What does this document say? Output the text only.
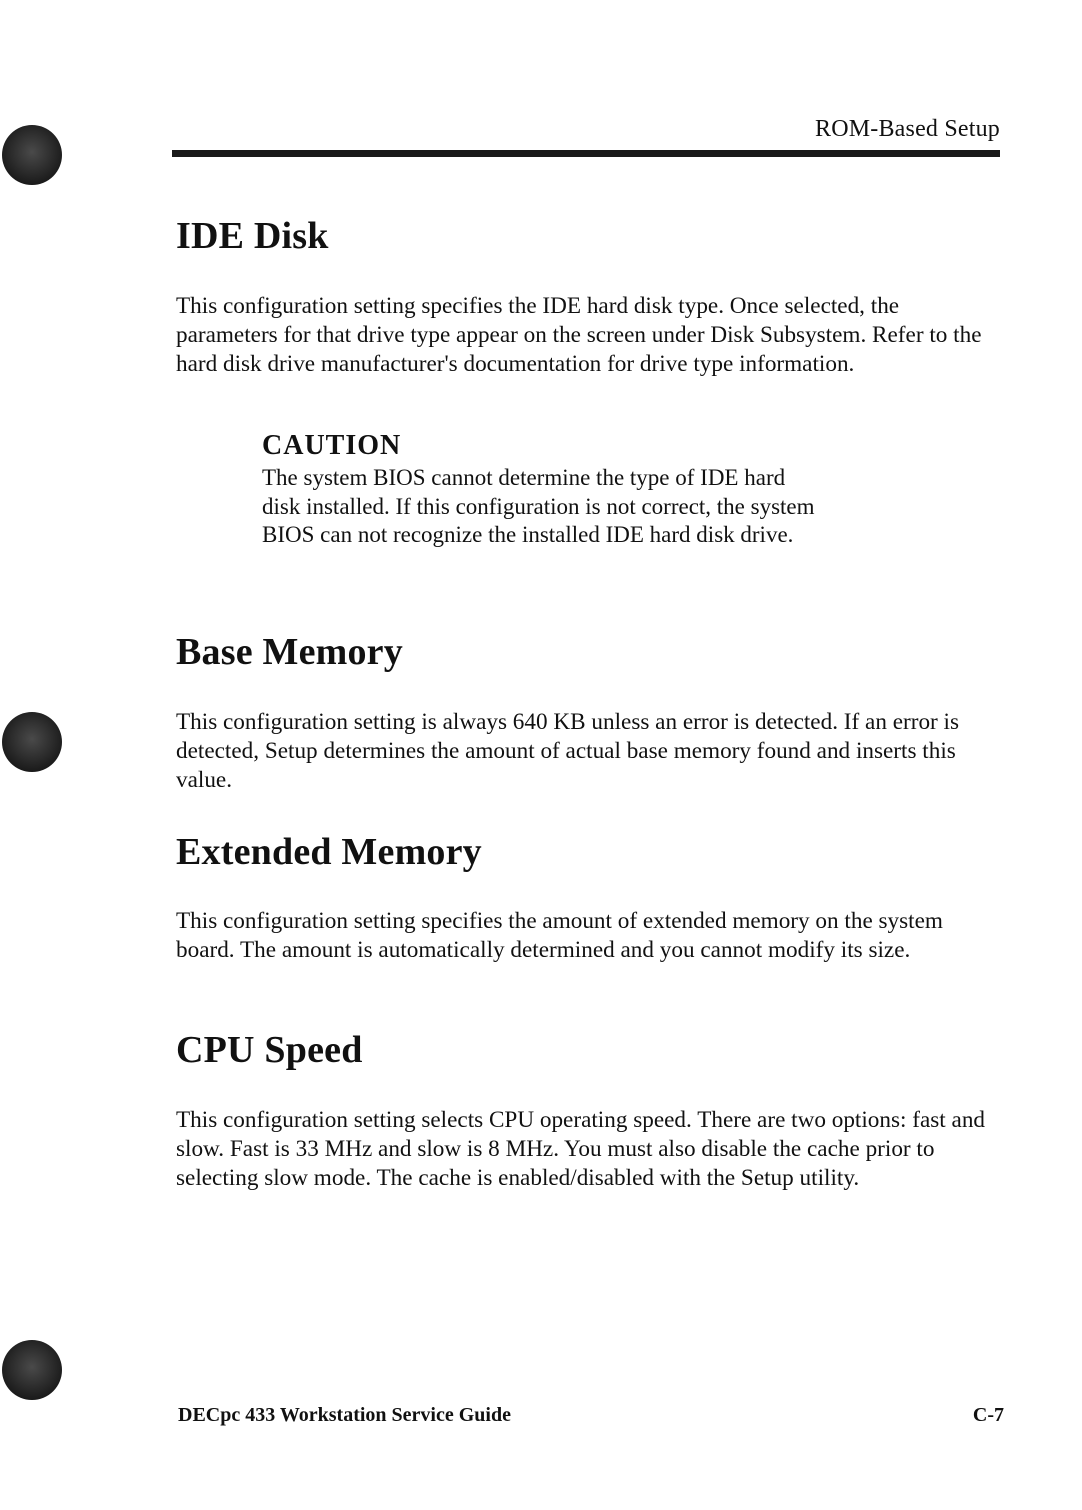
ROM-Based Setup
IDE Disk

This configuration setting specifies the IDE hard disk type. Once selected, the parameters for that drive type appear on the screen under Disk Subsystem. Refer to the hard disk drive manufacturer's documentation for drive type information.

CAUTION

The system BIOS cannot determine the type of IDE hard disk installed. If this configuration is not correct, the system BIOS can not recognize the installed IDE hard disk drive.

Base Memory

This configuration setting is always 640 KB unless an error is detected. If an error is detected, Setup determines the amount of actual base memory found and inserts this value.

Extended Memory

This configuration setting specifies the amount of extended memory on the system board. The amount is automatically determined and you cannot modify its size.

CPU Speed

This configuration setting selects CPU operating speed. There are two options: fast and slow. Fast is 33 MHz and slow is 8 MHz. You must also disable the cache prior to selecting slow mode. The cache is enabled/disabled with the Setup utility.

DECpc 433 Workstation Service Guide	C-7
